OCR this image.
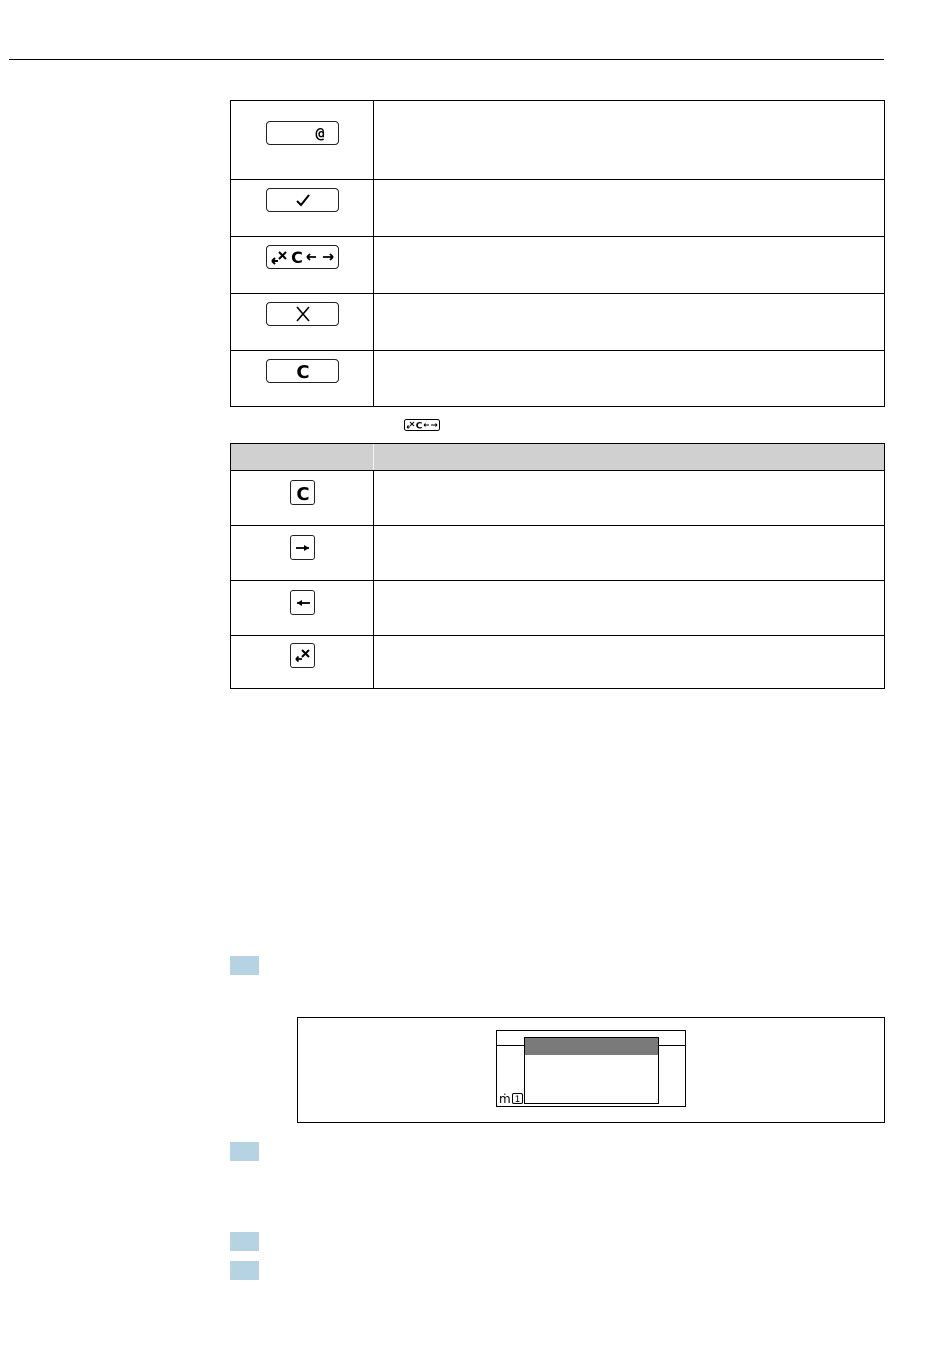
@
C
C
C
C
ṁ 1
